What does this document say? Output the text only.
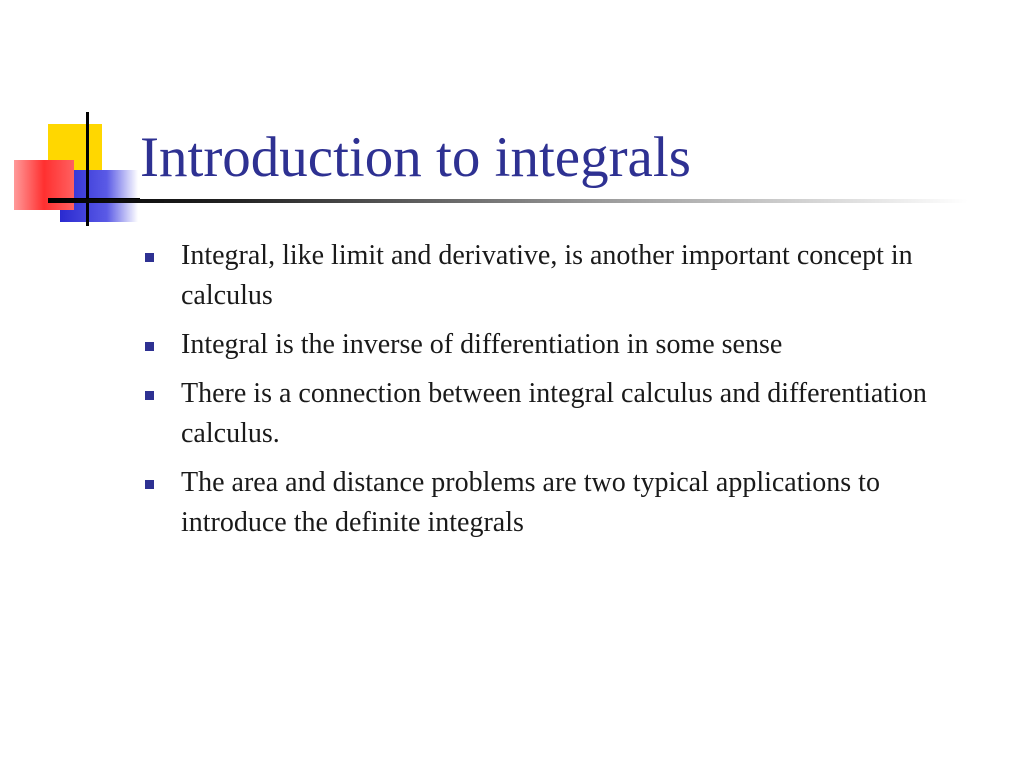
Introduction to integrals
Integral, like limit and derivative, is another important concept in calculus
Integral is the inverse of differentiation in some sense
There is a connection between integral calculus and differentiation calculus.
The area and distance problems are two typical applications to introduce the definite integrals
